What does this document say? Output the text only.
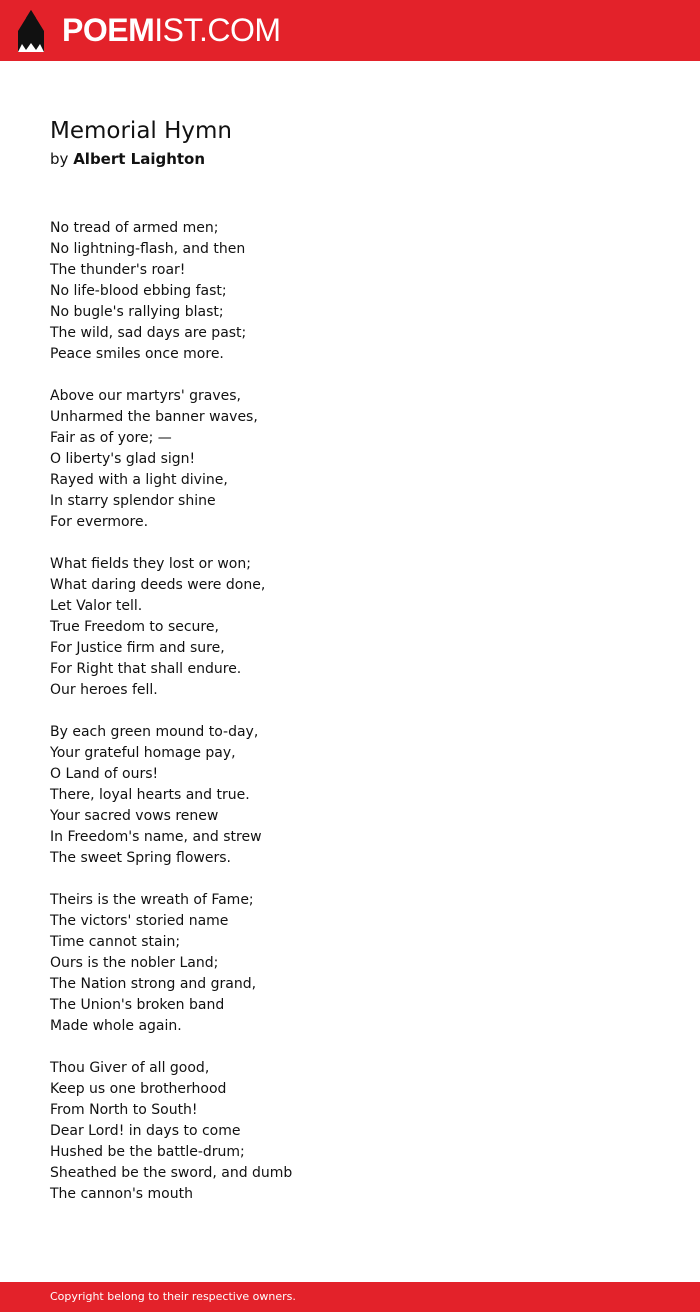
POEMIST.COM
Memorial Hymn
by Albert Laighton
No tread of armed men;
No lightning-flash, and then
The thunder's roar!
No life-blood ebbing fast;
No bugle's rallying blast;
The wild, sad days are past;
Peace smiles once more.
Above our martyrs' graves,
Unharmed the banner waves,
Fair as of yore; —
O liberty's glad sign!
Rayed with a light divine,
In starry splendor shine
For evermore.
What fields they lost or won;
What daring deeds were done,
Let Valor tell.
True Freedom to secure,
For Justice firm and sure,
For Right that shall endure.
Our heroes fell.
By each green mound to-day,
Your grateful homage pay,
O Land of ours!
There, loyal hearts and true.
Your sacred vows renew
In Freedom's name, and strew
The sweet Spring flowers.
Theirs is the wreath of Fame;
The victors' storied name
Time cannot stain;
Ours is the nobler Land;
The Nation strong and grand,
The Union's broken band
Made whole again.
Thou Giver of all good,
Keep us one brotherhood
From North to South!
Dear Lord! in days to come
Hushed be the battle-drum;
Sheathed be the sword, and dumb
The cannon's mouth
Copyright belong to their respective owners.
